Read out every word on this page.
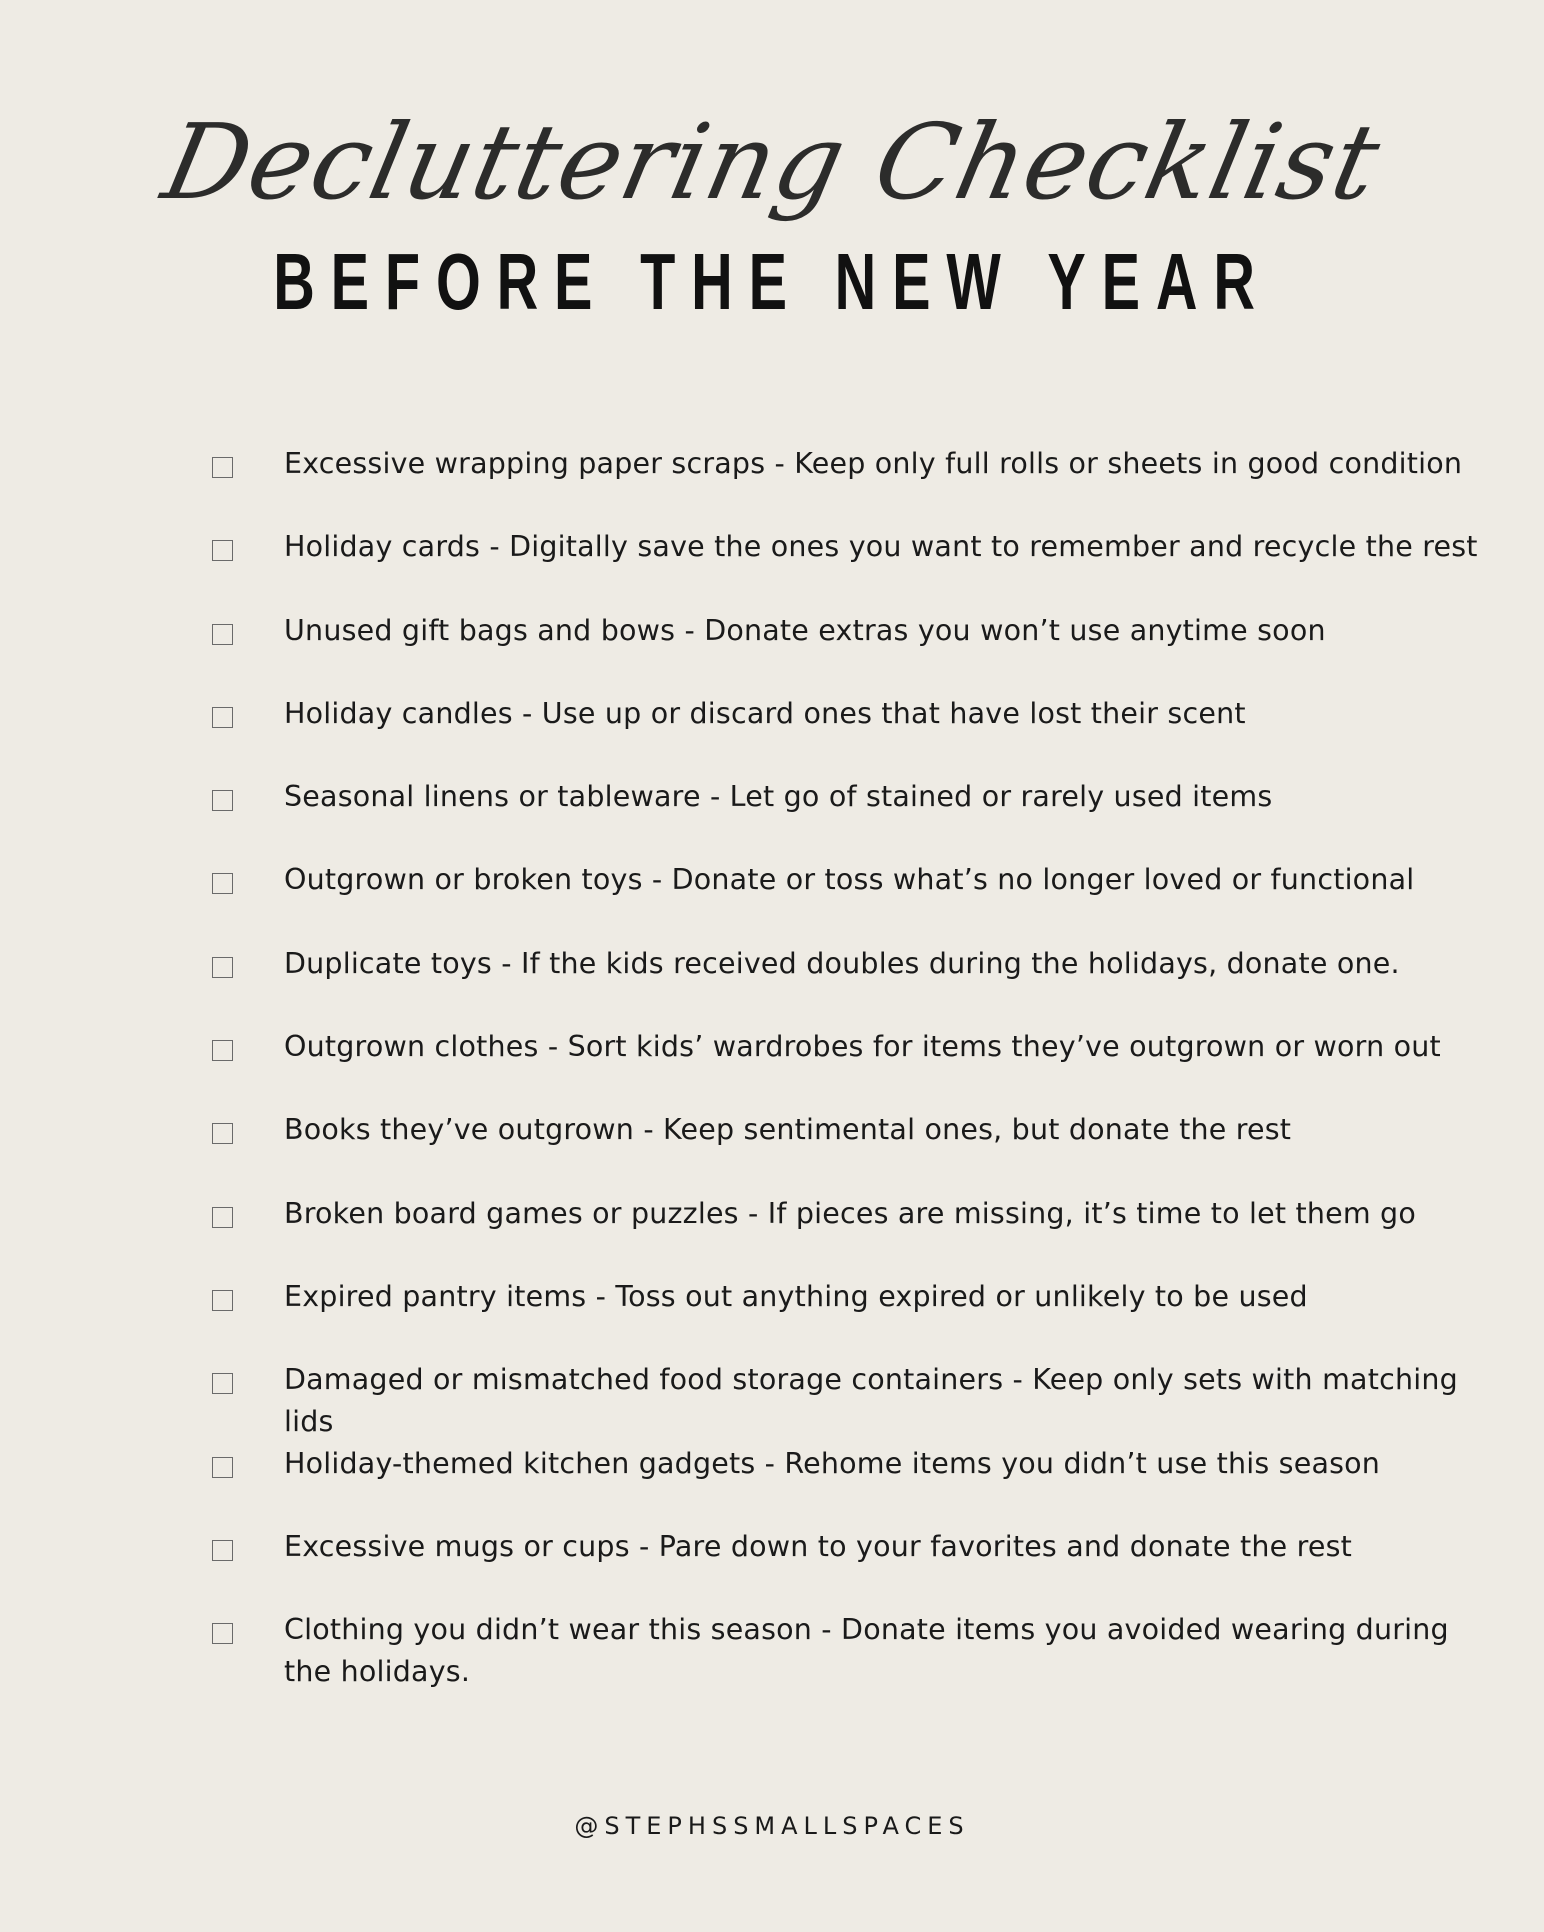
Decluttering Checklist
BEFORE THE NEW YEAR
Excessive wrapping paper scraps - Keep only full rolls or sheets in good condition
Holiday cards - Digitally save the ones you want to remember and recycle the rest
Unused gift bags and bows - Donate extras you won’t use anytime soon
Holiday candles - Use up or discard ones that have lost their scent
Seasonal linens or tableware - Let go of stained or rarely used items
Outgrown or broken toys - Donate or toss what’s no longer loved or functional
Duplicate toys - If the kids received doubles during the holidays, donate one.
Outgrown clothes - Sort kids’ wardrobes for items they’ve outgrown or worn out
Books they’ve outgrown - Keep sentimental ones, but donate the rest
Broken board games or puzzles - If pieces are missing, it’s time to let them go
Expired pantry items - Toss out anything expired or unlikely to be used
Damaged or mismatched food storage containers - Keep only sets with matching lids
Holiday-themed kitchen gadgets - Rehome items you didn’t use this season
Excessive mugs or cups - Pare down to your favorites and donate the rest
Clothing you didn’t wear this season - Donate items you avoided wearing during the holidays.
@STEPHSSMALLSPACES
